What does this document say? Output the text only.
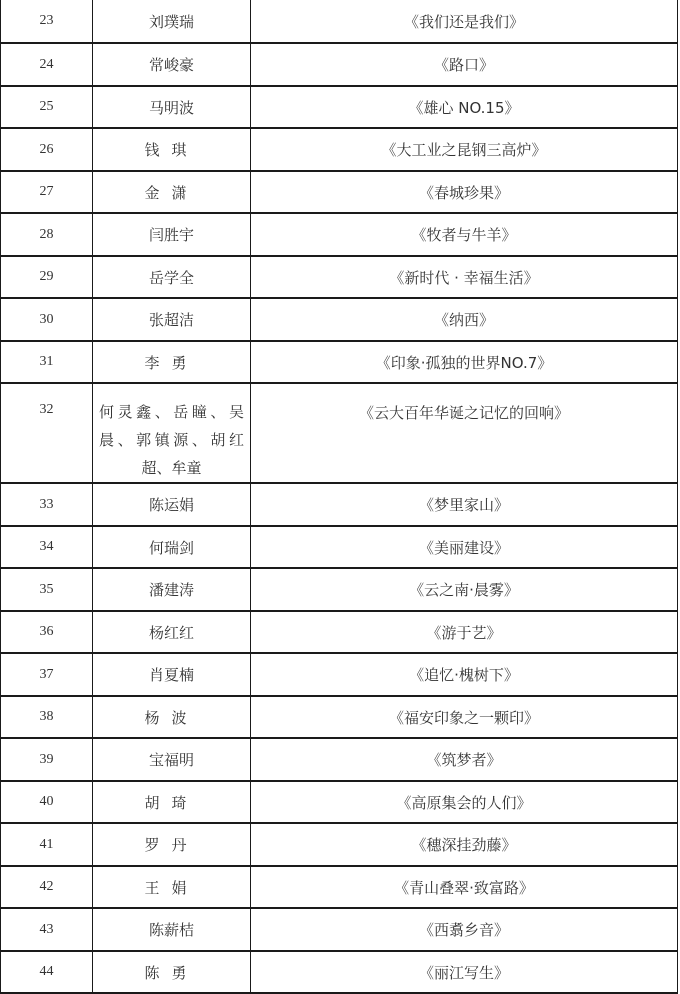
23	刘璞瑞	《我们还是我们》
24	常峻豪	《路口》
25	马明波	《雄心 NO.15》
26	钱琪	《大工业之昆钢三高炉》
27	金潇	《春城珍果》
28	闫胜宇	《牧者与牛羊》
29	岳学全	《新时代 · 幸福生活》
30	张超洁	《纳西》
31	李勇	《印象·孤独的世界NO.7》
32	何灵鑫、岳瞳、吴晨、郭镇源、胡红超、牟童	《云大百年华诞之记忆的回响》
33	陈运娟	《梦里家山》
34	何瑞剑	《美丽建设》
35	潘建涛	《云之南·晨雾》
36	杨红红	《游于艺》
37	肖夏楠	《追忆·槐树下》
38	杨波	《福安印象之一颗印》
39	宝福明	《筑梦者》
40	胡琦	《高原集会的人们》
41	罗丹	《穗深挂劲藤》
42	王娟	《青山叠翠·致富路》
43	陈薪桔	《西翥乡音》
44	陈勇	《丽江写生》
